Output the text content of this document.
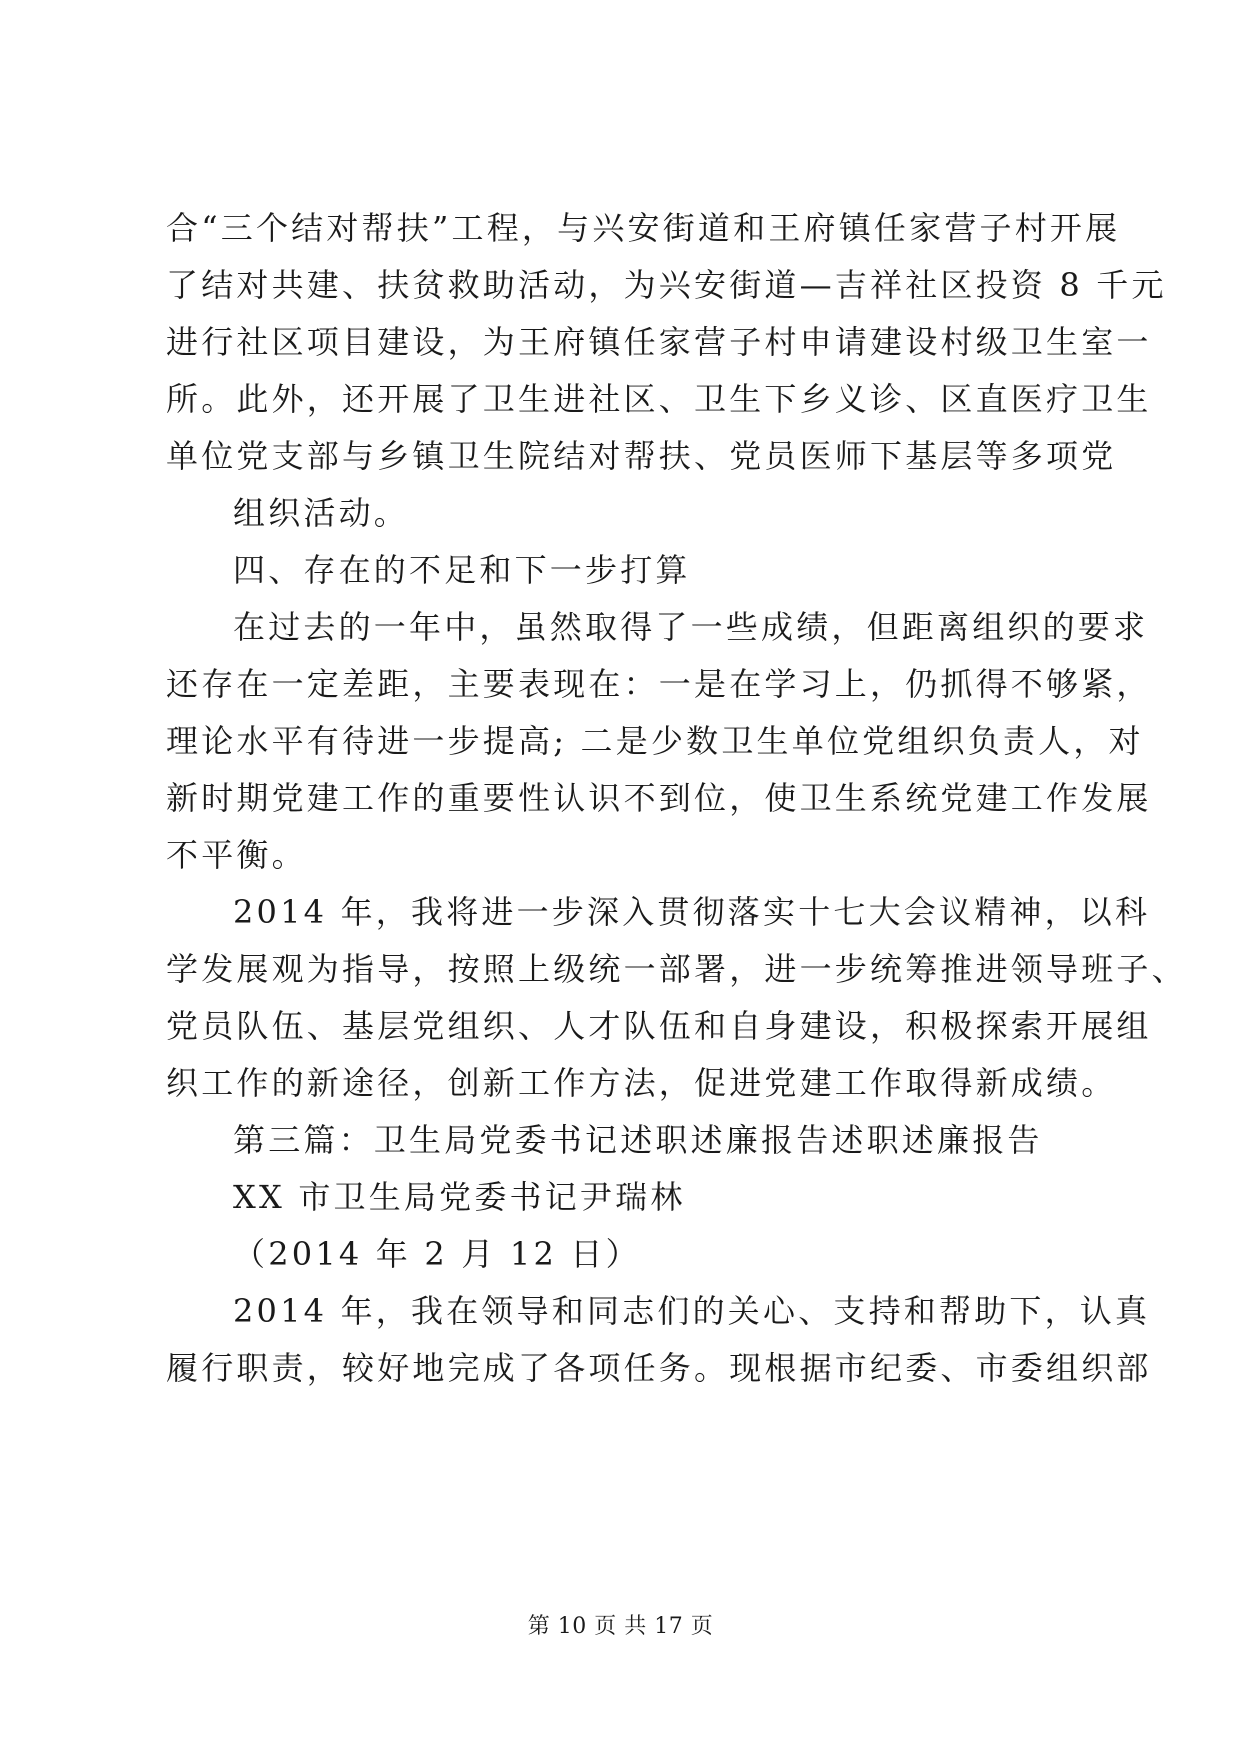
合“三个结对帮扶”工程，与兴安街道和王府镇任家营子村开展
了结对共建、扶贫救助活动，为兴安街道—吉祥社区投资 8 千元
进行社区项目建设，为王府镇任家营子村申请建设村级卫生室一
所。此外，还开展了卫生进社区、卫生下乡义诊、区直医疗卫生
单位党支部与乡镇卫生院结对帮扶、党员医师下基层等多项党
组织活动。
四、存在的不足和下一步打算
在过去的一年中，虽然取得了一些成绩，但距离组织的要求
还存在一定差距，主要表现在：一是在学习上，仍抓得不够紧，
理论水平有待进一步提高; 二是少数卫生单位党组织负责人，对
新时期党建工作的重要性认识不到位，使卫生系统党建工作发展
不平衡。
2014 年，我将进一步深入贯彻落实十七大会议精神，以科
学发展观为指导，按照上级统一部署，进一步统筹推进领导班子、
党员队伍、基层党组织、人才队伍和自身建设，积极探索开展组
织工作的新途径，创新工作方法，促进党建工作取得新成绩。
第三篇：卫生局党委书记述职述廉报告述职述廉报告
XX 市卫生局党委书记尹瑞林
（2014 年 2 月 12 日）
2014 年，我在领导和同志们的关心、支持和帮助下，认真
履行职责，较好地完成了各项任务。现根据市纪委、市委组织部
第 10 页 共 17 页
